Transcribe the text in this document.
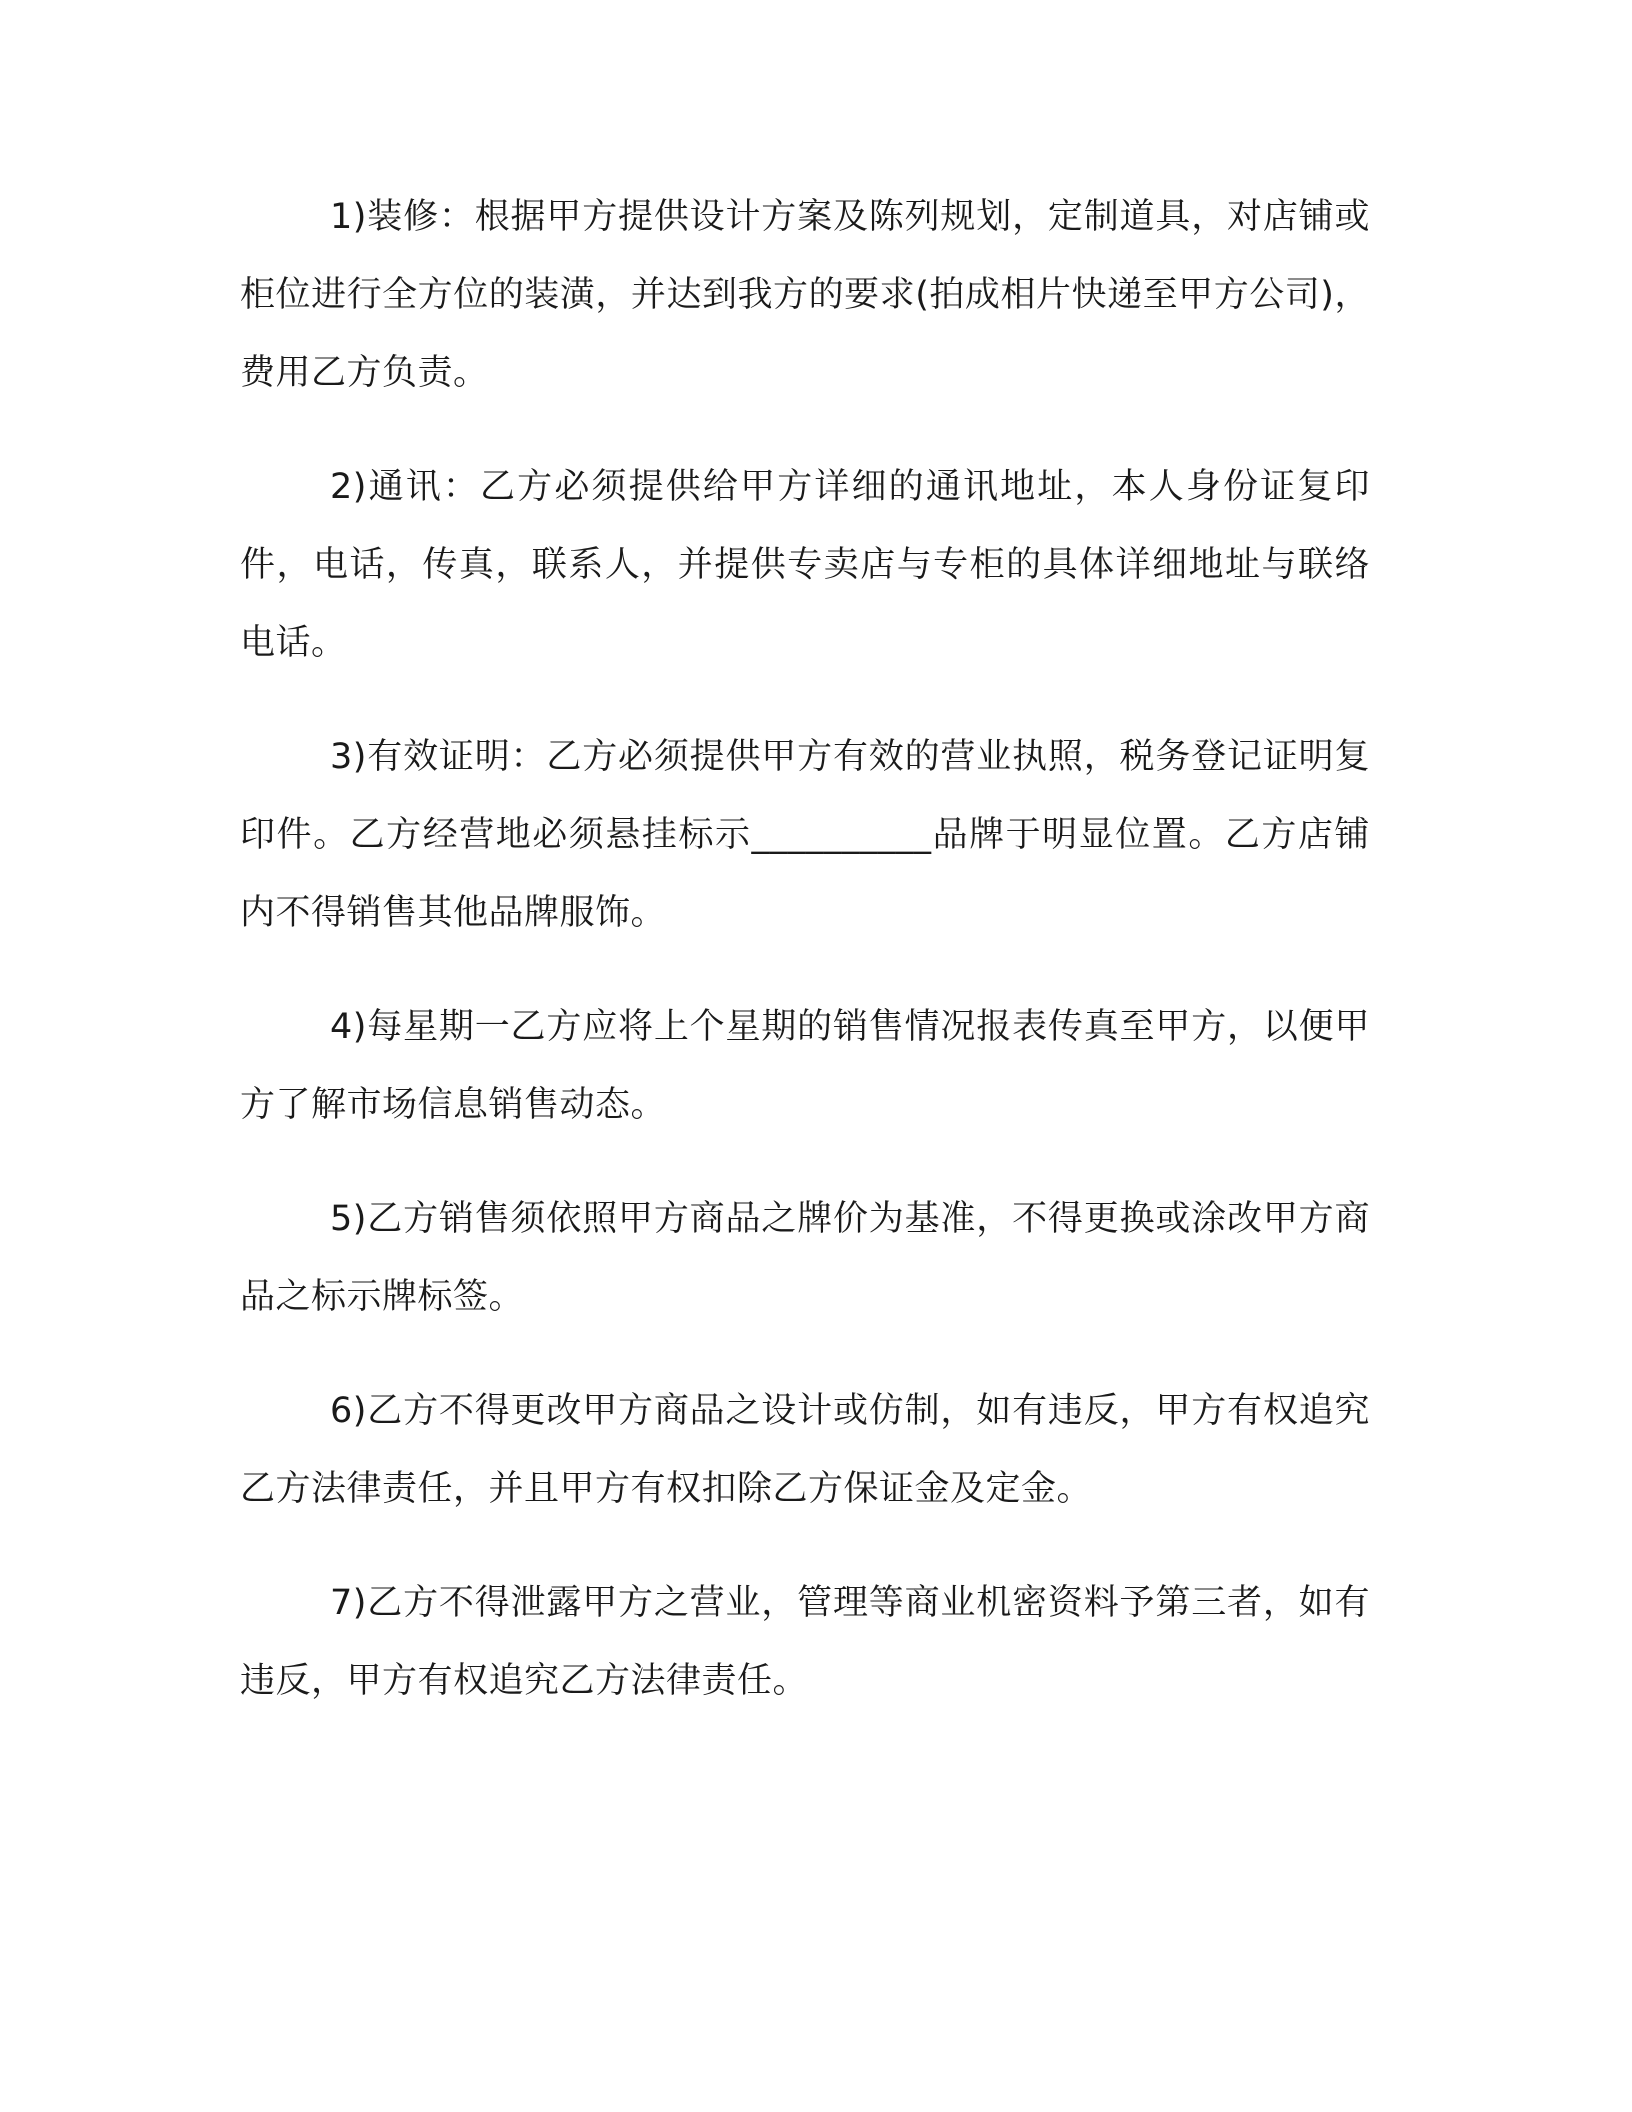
1)装修：根据甲方提供设计方案及陈列规划，定制道具，对店铺或柜位进行全方位的装潢，并达到我方的要求(拍成相片快递至甲方公司)，费用乙方负责。

2)通讯：乙方必须提供给甲方详细的通讯地址，本人身份证复印件，电话，传真，联系人，并提供专卖店与专柜的具体详细地址与联络电话。

3)有效证明：乙方必须提供甲方有效的营业执照，税务登记证明复印件。乙方经营地必须悬挂标示__________品牌于明显位置。乙方店铺内不得销售其他品牌服饰。

4)每星期一乙方应将上个星期的销售情况报表传真至甲方，以便甲方了解市场信息销售动态。

5)乙方销售须依照甲方商品之牌价为基准，不得更换或涂改甲方商品之标示牌标签。

6)乙方不得更改甲方商品之设计或仿制，如有违反，甲方有权追究乙方法律责任，并且甲方有权扣除乙方保证金及定金。

7)乙方不得泄露甲方之营业，管理等商业机密资料予第三者，如有违反，甲方有权追究乙方法律责任。
